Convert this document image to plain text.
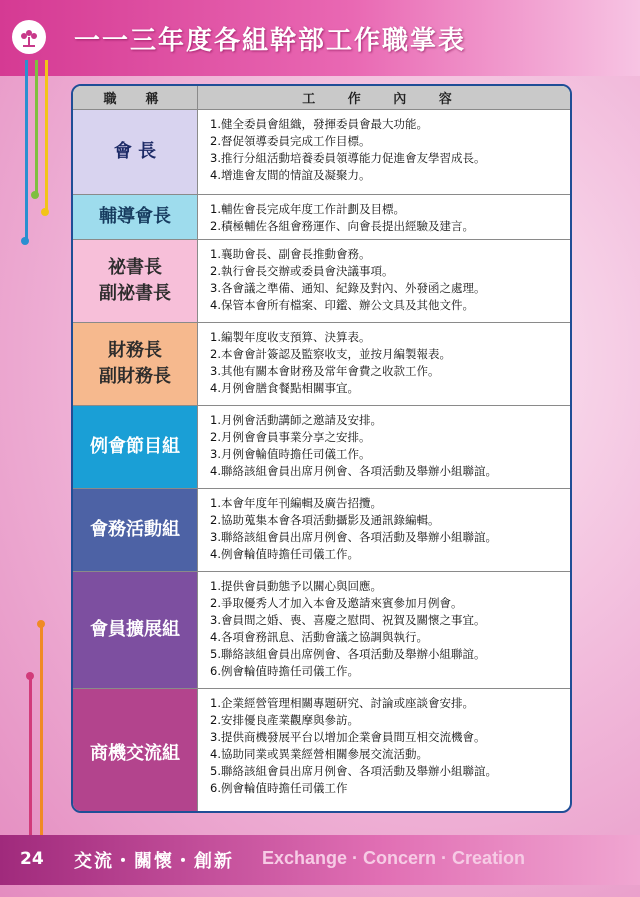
一一三年度各組幹部工作職掌表
職　稱	工 作 內 容
會 長
1.健全委員會組織，發揮委員會最大功能。
2.督促領導委員完成工作目標。
3.推行分組活動培養委員領導能力促進會友學習成長。
4.增進會友間的情誼及凝聚力。
輔導會長	1.輔佐會長完成年度工作計劃及目標。
2.積極輔佐各組會務運作、向會長提出經驗及建言。
祕書長
副祕書長
1.襄助會長、副會長推動會務。
2.執行會長交辦或委員會決議事項。
3.各會議之準備、通知、紀錄及對內、外發函之處理。
4.保管本會所有檔案、印鑑、辦公文具及其他文件。
財務長
副財務長
1.編製年度收支預算、決算表。
2.本會會計簽認及監察收支，並按月編製報表。
3.其他有關本會財務及常年會費之收款工作。
4.月例會膳食餐點相關事宜。
例會節目組
1.月例會活動講師之邀請及安排。
2.月例會會員事業分享之安排。
3.月例會輪值時擔任司儀工作。
4.聯絡該組會員出席月例會、各項活動及舉辦小組聯誼。
會務活動組
1.本會年度年刊編輯及廣告招攬。
2.協助蒐集本會各項活動攝影及通訊錄編輯。
3.聯絡該組會員出席月例會、各項活動及舉辦小組聯誼。
4.例會輪值時擔任司儀工作。
會員擴展組
1.提供會員動態予以關心與回應。
2.爭取優秀人才加入本會及邀請來賓參加月例會。
3.會員間之婚、喪、喜慶之慰問、祝賀及關懷之事宜。
4.各項會務訊息、活動會議之協調與執行。
5.聯絡該組會員出席例會、各項活動及舉辦小組聯誼。
6.例會輪值時擔任司儀工作。
商機交流組
1.企業經營管理相關專題研究、討論或座談會安排。
2.安排優良產業觀摩與參訪。
3.提供商機發展平台以增加企業會員間互相交流機會。
4.協助同業或異業經營相關參展交流活動。
5.聯絡該組會員出席月例會、各項活動及舉辦小組聯誼。
6.例會輪值時擔任司儀工作
24 交流・關懷・創新 Exchange · Concern · Creation
